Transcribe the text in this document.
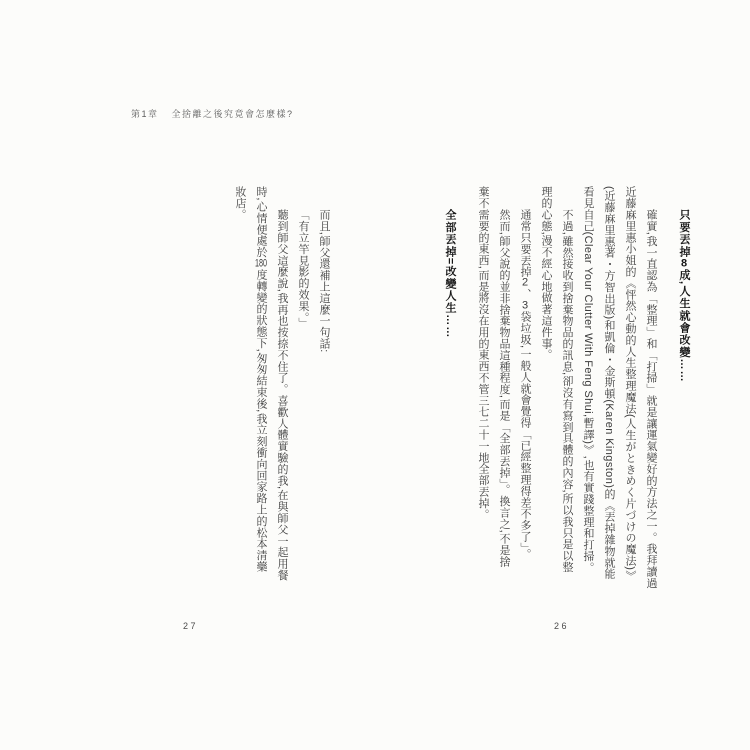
第1章 全捨離之後究竟會怎麼樣?
只要丟掉8成,人生就會改變……
確實,我一直認為「整理」和「打掃」就是讓運氣變好的方法之一。我拜讀過
近藤麻里惠小姐的《怦然心動的人生整理魔法(人生がときめく片づけの魔法)》
(近藤麻里惠著・方智出版)和凱倫・金斯頓(Karen Kingston)的《丟掉雜物就能
看見自己(Clear Your Clutter With Feng Shui,暫譯)》,也有實踐整理和打掃。
不過,雖然接收到捨棄物品的訊息,卻沒有寫到具體的內容,所以我只是以整
理的心態,漫不經心地做著這件事。
通常只要丟掉2、3袋垃圾,一般人就會覺得「已經整理得差不多了」。
然而,師父說的並非捨棄物品這種程度,而是「全部丟掉」。換言之,不是捨
棄不需要的東西,而是將沒在用的東西不管三七二十一地全部丟掉。
全部丟掉=改變人生……
而且,師父還補上這麼一句話:
「有立竿見影的效果。」
聽到師父這麼說,我再也按捺不住了。喜歡人體實驗的我,在與師父一起用餐
時,心情便處於180度轉變的狀態下,匆匆結束後,我立刻衝向回家路上的松本清藥
妝店。
26
27
